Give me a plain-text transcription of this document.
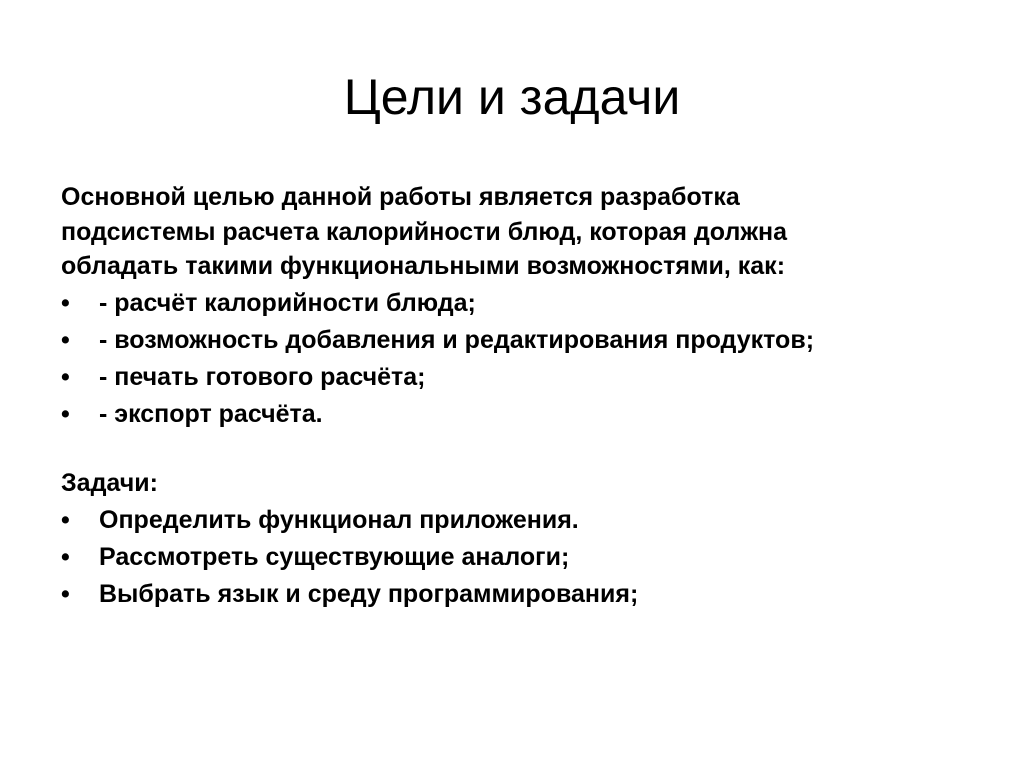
Цели и задачи

Основной целью данной работы является разработка
подсистемы расчета калорийности блюд, которая должна
обладать такими функциональными возможностями, как:

•	- расчёт калорийности блюда;
•	- возможность добавления и редактирования продуктов;
•	- печать готового расчёта;
•	- экспорт расчёта.

Задачи:

•	Определить функционал приложения.
•	Рассмотреть существующие аналоги;
•	Выбрать язык и среду программирования;
